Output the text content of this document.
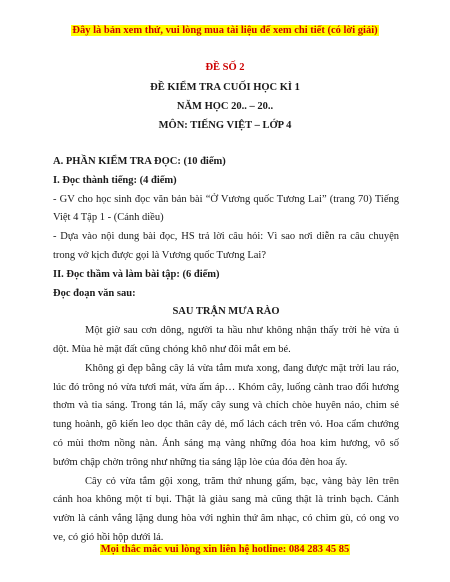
Đây là bản xem thử, vui lòng mua tài liệu để xem chi tiết (có lời giải)
ĐỀ SỐ 2
ĐỀ KIỂM TRA CUỐI HỌC KÌ 1
NĂM HỌC 20.. – 20..
MÔN: TIẾNG VIỆT – LỚP 4

A. PHẦN KIỂM TRA ĐỌC: (10 điểm)

I. Đọc thành tiếng: (4 điểm)

- GV cho học sinh đọc văn bản bài “Ở Vương quốc Tương Lai” (trang 70) Tiếng Việt 4 Tập 1 - (Cánh diều)

- Dựa vào nội dung bài đọc, HS trả lời câu hỏi: Vì sao nơi diễn ra câu chuyện trong vở kịch được gọi là Vương quốc Tương Lai?

II. Đọc thầm và làm bài tập: (6 điểm)

Đọc đoạn văn sau:

SAU TRẬN MƯA RÀO

Một giờ sau cơn dông, người ta hầu như không nhận thấy trời hè vừa ủ dột. Mùa hè mặt đất cũng chóng khô như đôi mắt em bé.

Không gì đẹp bằng cây lá vừa tắm mưa xong, đang được mặt trời lau ráo, lúc đó trông nó vừa tươi mát, vừa ấm áp… Khóm cây, luống cành trao đổi hương thơm và tia sáng. Trong tán lá, mấy cây sung và chích chòe huyên náo, chim sẻ tung hoành, gõ kiến leo dọc thân cây dẻ, mổ lách cách trên vỏ. Hoa cẩm chướng có mùi thơm nồng nàn. Ánh sáng mạ vàng những đóa hoa kim hương, vô số bướm chập chờn trông như những tia sáng lập lòe của đóa đèn hoa ấy.

Cây cỏ vừa tắm gội xong, trăm thứ nhung gấm, bạc, vàng bày lên trên cánh hoa không một tí bụi. Thật là giàu sang mà cũng thật là trinh bạch. Cảnh vườn là cảnh vắng lặng dung hòa với nghìn thứ âm nhạc, có chim gù, có ong vo ve, có gió hồi hộp dưới lá.

Mọi thắc mắc vui lòng xin liên hệ hotline: 084 283 45 85
